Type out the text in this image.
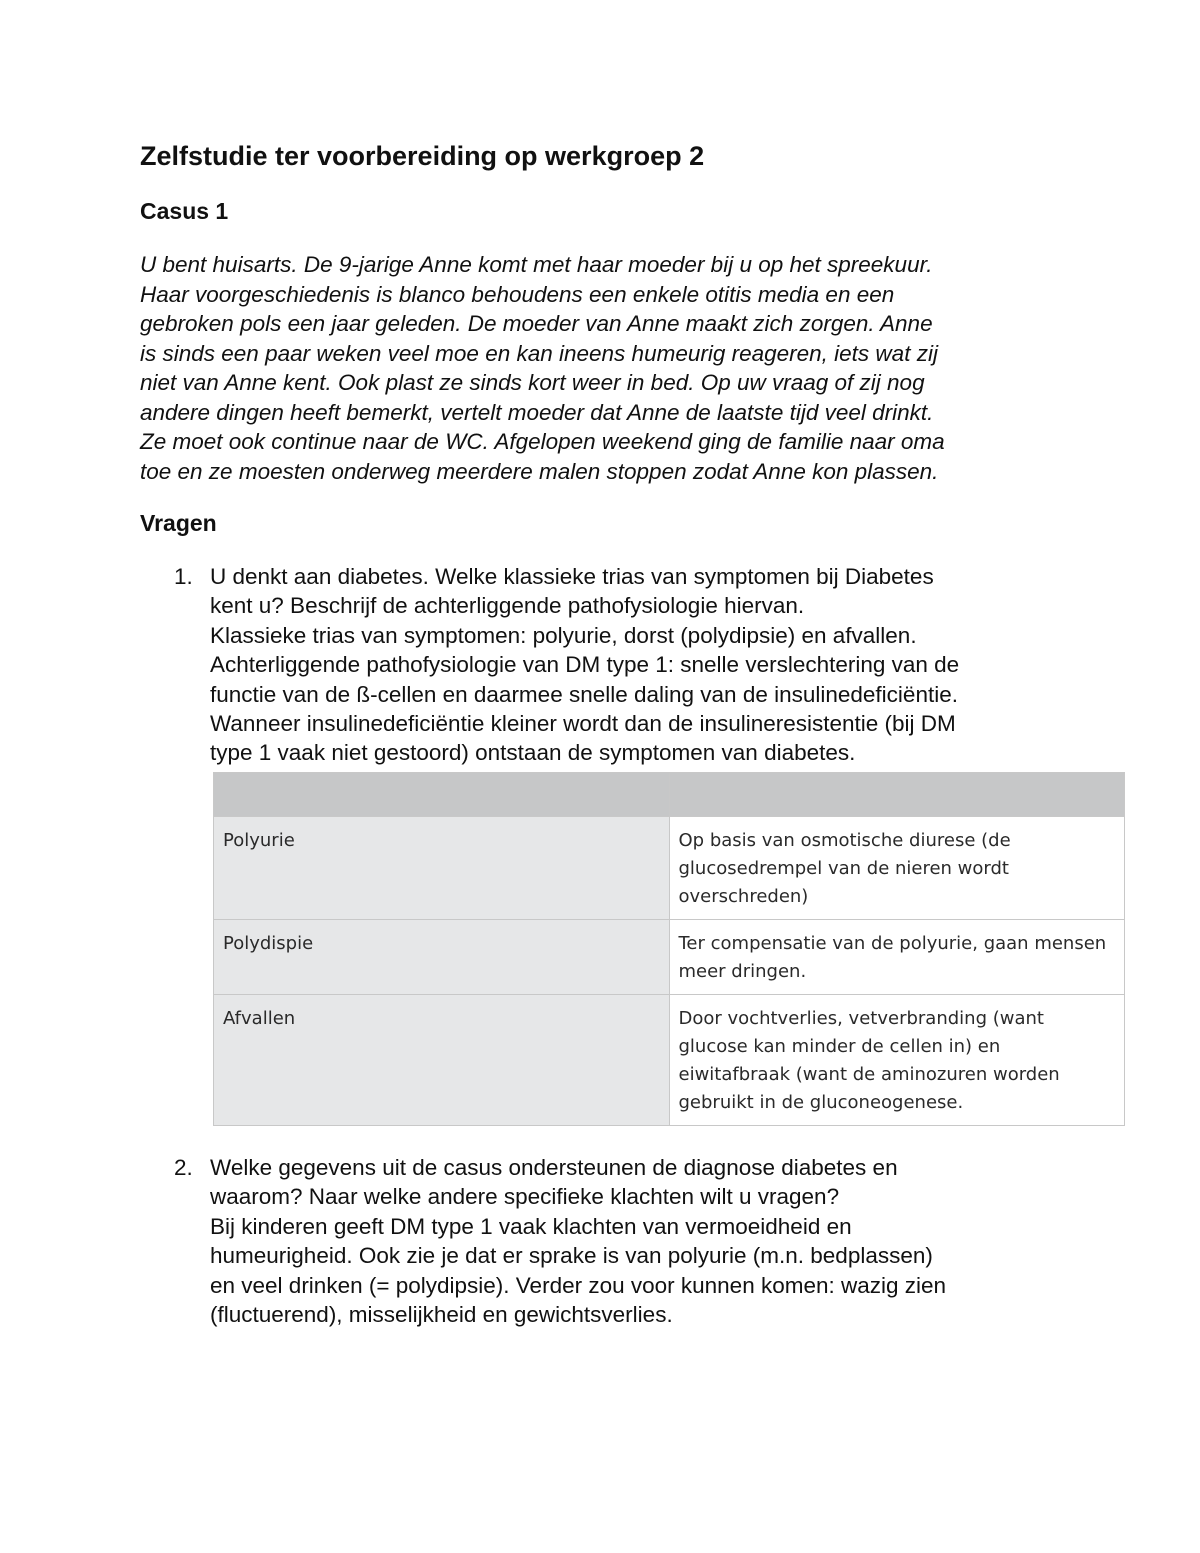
Zelfstudie ter voorbereiding op werkgroep 2
Casus 1
U bent huisarts. De 9-jarige Anne komt met haar moeder bij u op het spreekuur.
Haar voorgeschiedenis is blanco behoudens een enkele otitis media en een
gebroken pols een jaar geleden. De moeder van Anne maakt zich zorgen. Anne
is sinds een paar weken veel moe en kan ineens humeurig reageren, iets wat zij
niet van Anne kent. Ook plast ze sinds kort weer in bed. Op uw vraag of zij nog
andere dingen heeft bemerkt, vertelt moeder dat Anne de laatste tijd veel drinkt.
Ze moet ook continue naar de WC. Afgelopen weekend ging de familie naar oma
toe en ze moesten onderweg meerdere malen stoppen zodat Anne kon plassen.
Vragen
1. U denkt aan diabetes. Welke klassieke trias van symptomen bij Diabetes
kent u? Beschrijf de achterliggende pathofysiologie hiervan.
Klassieke trias van symptomen: polyurie, dorst (polydipsie) en afvallen.
Achterliggende pathofysiologie van DM type 1: snelle verslechtering van de
functie van de ß-cellen en daarmee snelle daling van de insulinedeficiëntie.
Wanneer insulinedeficiëntie kleiner wordt dan de insulineresistentie (bij DM
type 1 vaak niet gestoord) ontstaan de symptomen van diabetes.

Polyurie	Op basis van osmotische diurese (de
glucosedrempel van de nieren wordt
overschreden)

Polydispie	Ter compensatie van de polyurie, gaan mensen
meer dringen.

Afvallen	Door vochtverlies, vetverbranding (want
glucose kan minder de cellen in) en
eiwitafbraak (want de aminozuren worden
gebruikt in de gluconeogenese.
2. Welke gegevens uit de casus ondersteunen de diagnose diabetes en
waarom? Naar welke andere specifieke klachten wilt u vragen?
Bij kinderen geeft DM type 1 vaak klachten van vermoeidheid en
humeurigheid. Ook zie je dat er sprake is van polyurie (m.n. bedplassen)
en veel drinken (= polydipsie). Verder zou voor kunnen komen: wazig zien
(fluctuerend), misselijkheid en gewichtsverlies.
